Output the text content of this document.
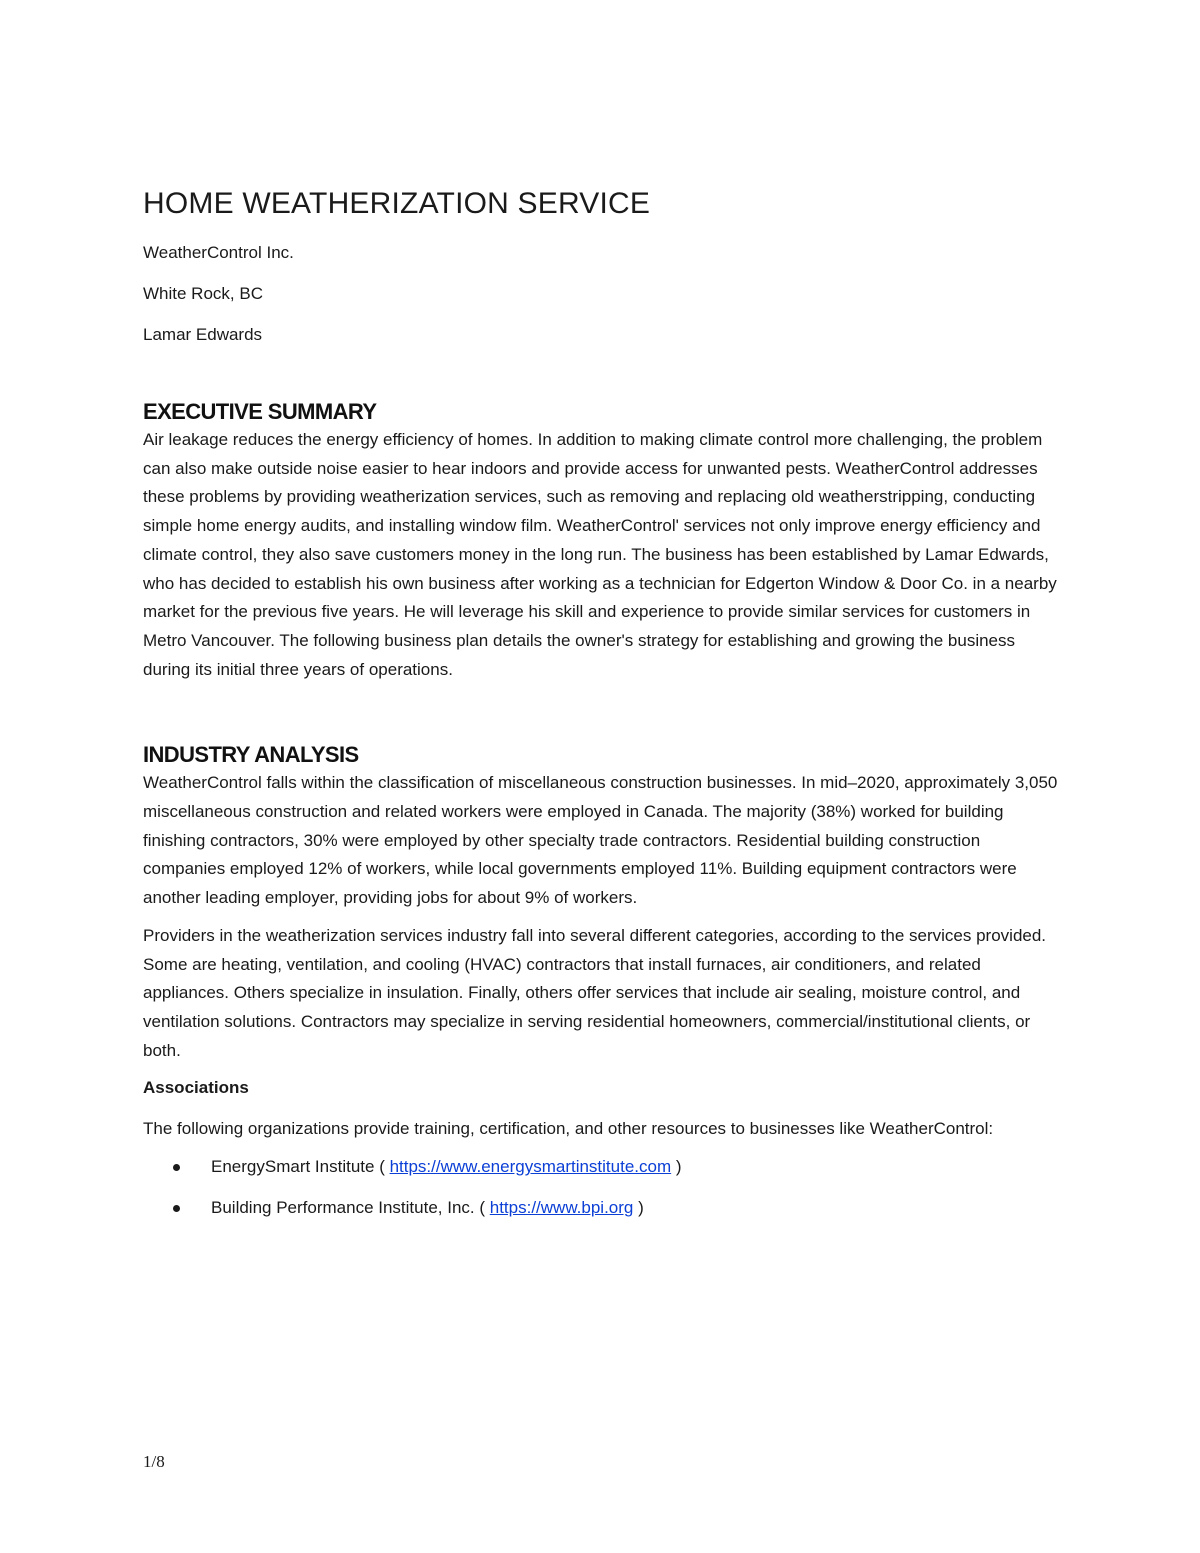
HOME WEATHERIZATION SERVICE
WeatherControl Inc.
White Rock, BC
Lamar Edwards
EXECUTIVE SUMMARY

Air leakage reduces the energy efficiency of homes. In addition to making climate control more challenging, the problem can also make outside noise easier to hear indoors and provide access for unwanted pests. WeatherControl addresses these problems by providing weatherization services, such as removing and replacing old weatherstripping, conducting simple home energy audits, and installing window film. WeatherControl' services not only improve energy efficiency and climate control, they also save customers money in the long run. The business has been established by Lamar Edwards, who has decided to establish his own business after working as a technician for Edgerton Window & Door Co. in a nearby market for the previous five years. He will leverage his skill and experience to provide similar services for customers in Metro Vancouver. The following business plan details the owner's strategy for establishing and growing the business during its initial three years of operations.

INDUSTRY ANALYSIS

WeatherControl falls within the classification of miscellaneous construction businesses. In mid–2020, approximately 3,050 miscellaneous construction and related workers were employed in Canada. The majority (38%) worked for building finishing contractors, 30% were employed by other specialty trade contractors. Residential building construction companies employed 12% of workers, while local governments employed 11%. Building equipment contractors were another leading employer, providing jobs for about 9% of workers.

Providers in the weatherization services industry fall into several different categories, according to the services provided. Some are heating, ventilation, and cooling (HVAC) contractors that install furnaces, air conditioners, and related appliances. Others specialize in insulation. Finally, others offer services that include air sealing, moisture control, and ventilation solutions. Contractors may specialize in serving residential homeowners, commercial/institutional clients, or both.

Associations

The following organizations provide training, certification, and other resources to businesses like WeatherControl:

EnergySmart Institute ( https://www.energysmartinstitute.com )
Building Performance Institute, Inc. ( https://www.bpi.org )
1/8
